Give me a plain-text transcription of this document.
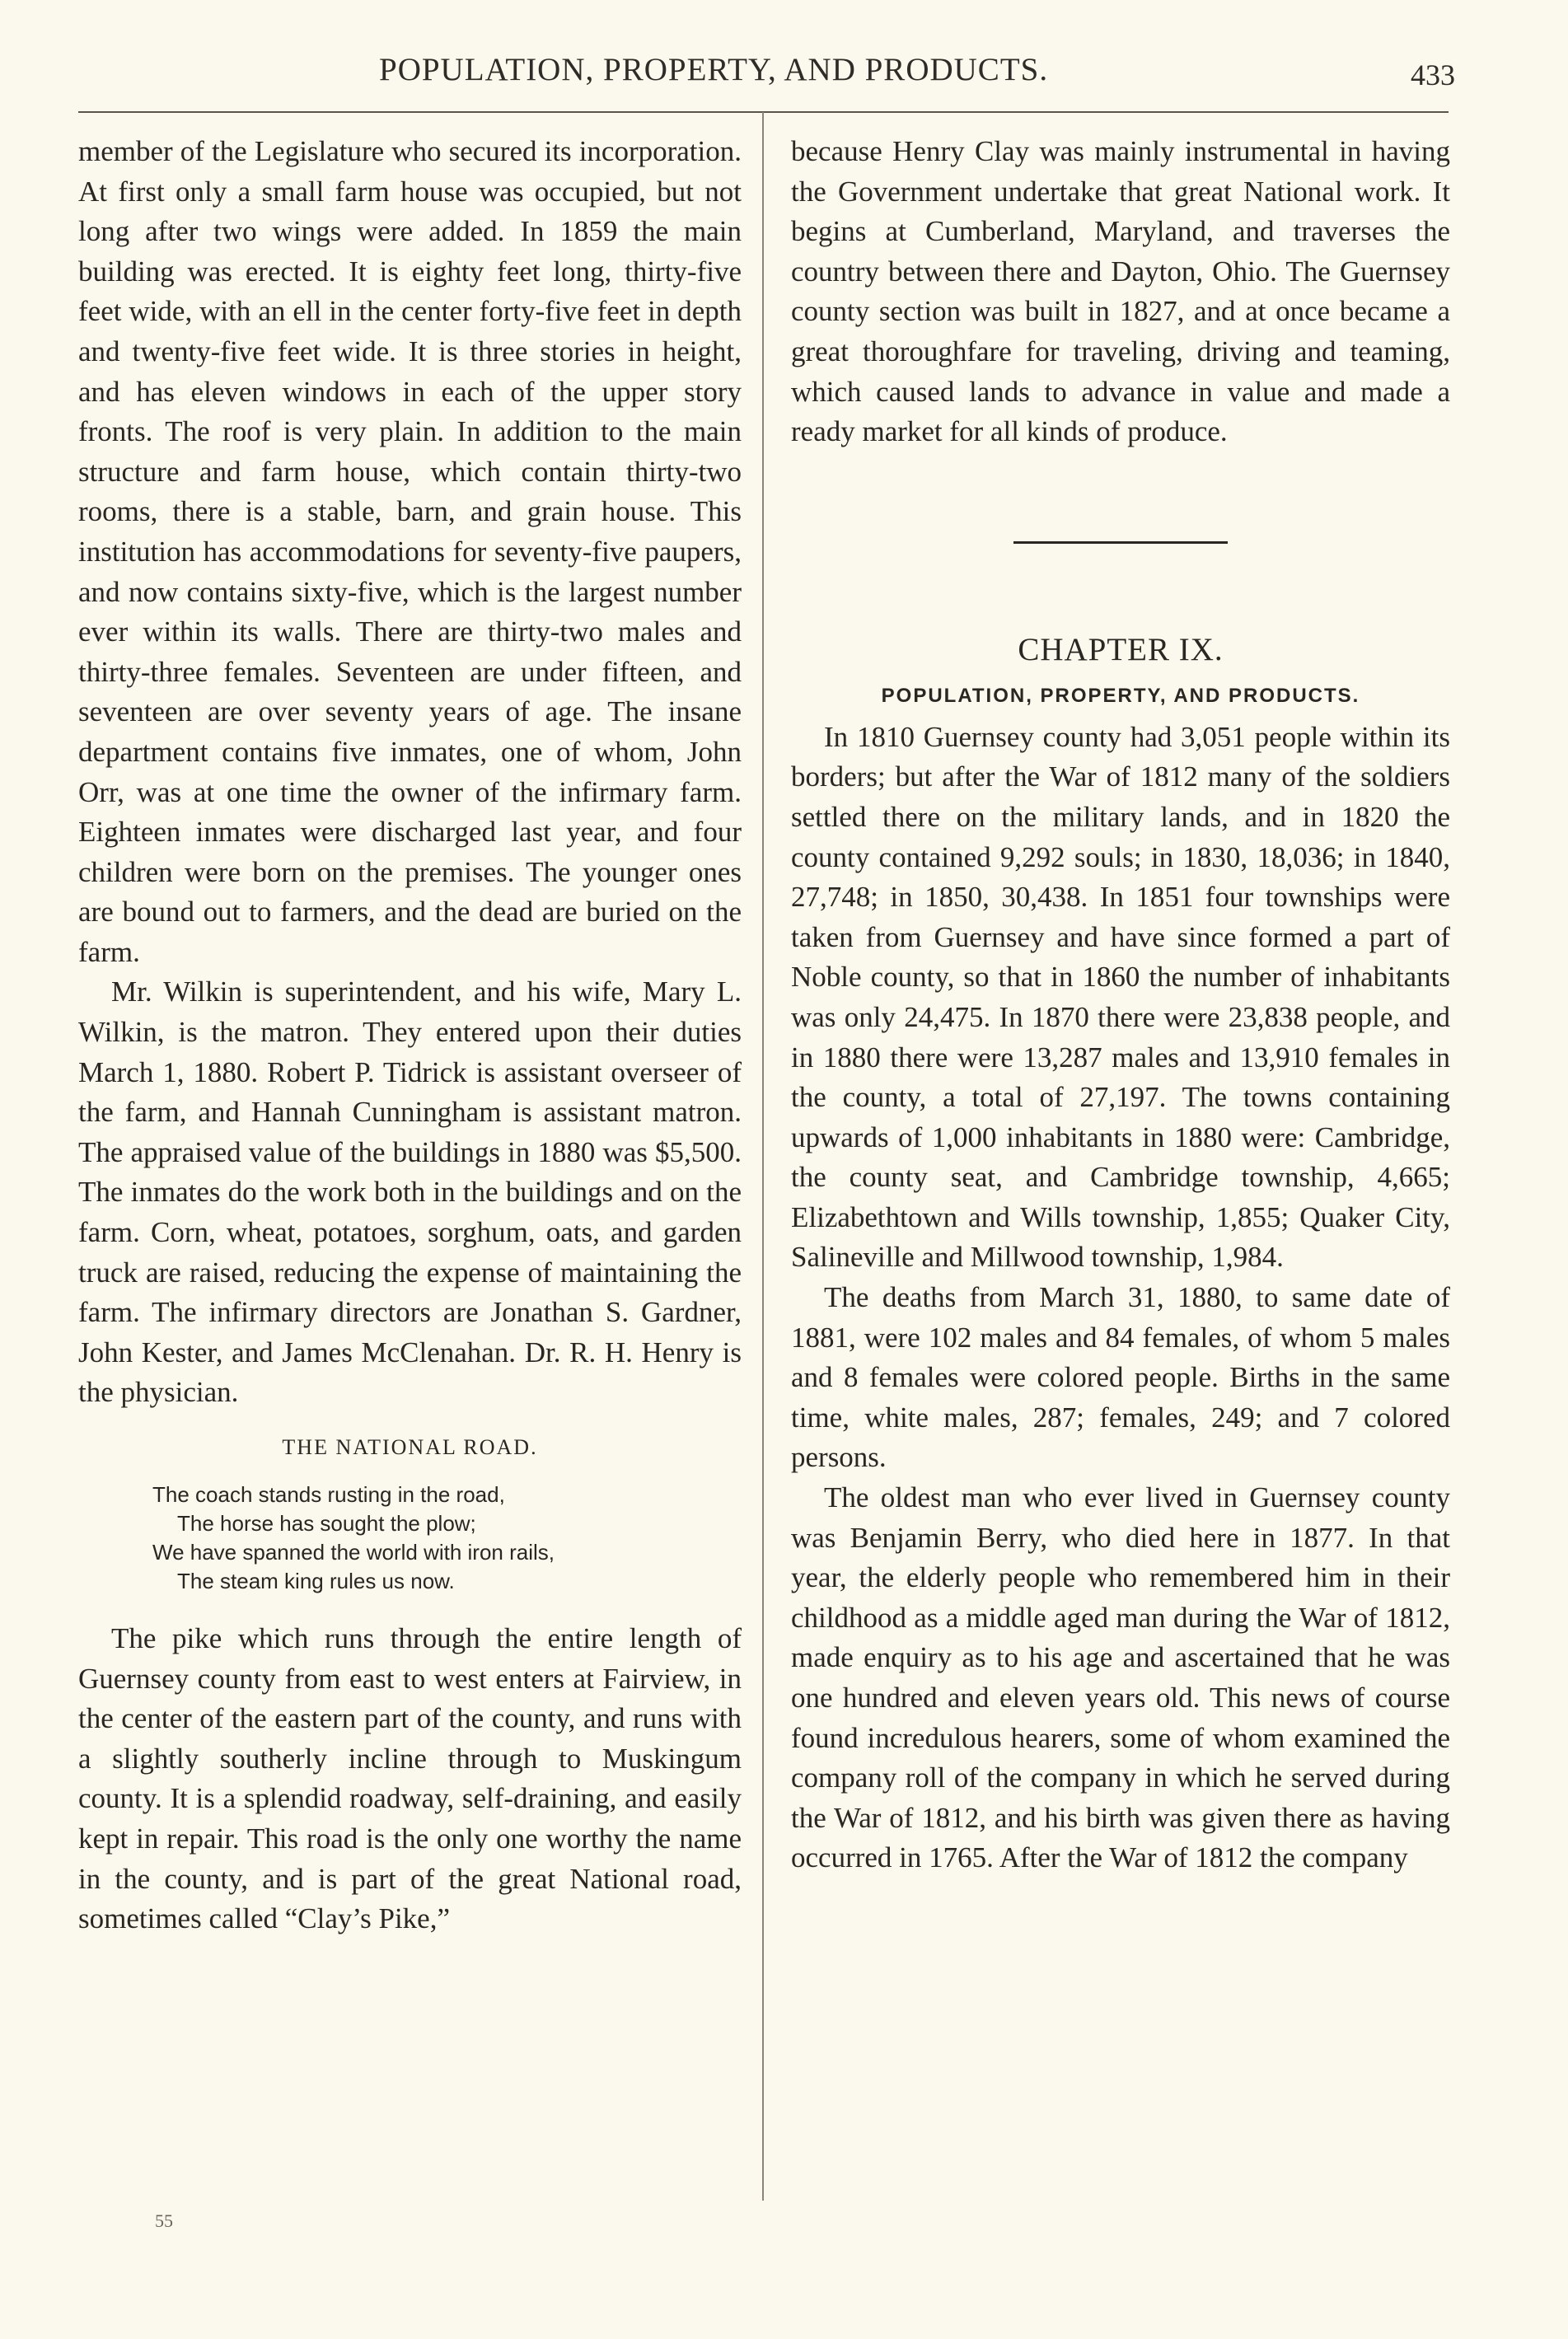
POPULATION, PROPERTY, AND PRODUCTS.	433

member of the Legislature who secured its incorporation. At first only a small farm house was occupied, but not long after two wings were added. In 1859 the main building was erected. It is eighty feet long, thirty-five feet wide, with an ell in the center forty-five feet in depth and twenty-five feet wide. It is three stories in height, and has eleven windows in each of the upper story fronts. The roof is very plain. In addition to the main structure and farm house, which contain thirty-two rooms, there is a stable, barn, and grain house. This institution has accommodations for seventy-five paupers, and now contains sixty-five, which is the largest number ever within its walls. There are thirty-two males and thirty-three females. Seventeen are under fifteen, and seventeen are over seventy years of age. The insane department contains five inmates, one of whom, John Orr, was at one time the owner of the infirmary farm. Eighteen inmates were discharged last year, and four children were born on the premises. The younger ones are bound out to farmers, and the dead are buried on the farm.

Mr. Wilkin is superintendent, and his wife, Mary L. Wilkin, is the matron. They entered upon their duties March 1, 1880. Robert P. Tidrick is assistant overseer of the farm, and Hannah Cunningham is assistant matron. The appraised value of the buildings in 1880 was $5,500. The inmates do the work both in the buildings and on the farm. Corn, wheat, potatoes, sorghum, oats, and garden truck are raised, reducing the expense of maintaining the farm. The infirmary directors are Jonathan S. Gardner, John Kester, and James McClenahan. Dr. R. H. Henry is the physician.

THE NATIONAL ROAD.
The coach stands rusting in the road,
The horse has sought the plow;
We have spanned the world with iron rails,
The steam king rules us now.

The pike which runs through the entire length of Guernsey county from east to west enters at Fairview, in the center of the eastern part of the county, and runs with a slightly southerly incline through to Muskingum county. It is a splendid roadway, self-draining, and easily kept in repair. This road is the only one worthy the name in the county, and is part of the great National road, sometimes called “Clay’s Pike,”

55

because Henry Clay was mainly instrumental in having the Government undertake that great National work. It begins at Cumberland, Maryland, and traverses the country between there and Dayton, Ohio. The Guernsey county section was built in 1827, and at once became a great thoroughfare for traveling, driving and teaming, which caused lands to advance in value and made a ready market for all kinds of produce.

CHAPTER IX.
POPULATION, PROPERTY, AND PRODUCTS.

In 1810 Guernsey county had 3,051 people within its borders; but after the War of 1812 many of the soldiers settled there on the military lands, and in 1820 the county contained 9,292 souls; in 1830, 18,036; in 1840, 27,748; in 1850, 30,438. In 1851 four townships were taken from Guernsey and have since formed a part of Noble county, so that in 1860 the number of inhabitants was only 24,475. In 1870 there were 23,838 people, and in 1880 there were 13,287 males and 13,910 females in the county, a total of 27,197. The towns containing upwards of 1,000 inhabitants in 1880 were: Cambridge, the county seat, and Cambridge township, 4,665; Elizabethtown and Wills township, 1,855; Quaker City, Salineville and Millwood township, 1,984.

The deaths from March 31, 1880, to same date of 1881, were 102 males and 84 females, of whom 5 males and 8 females were colored people. Births in the same time, white males, 287; females, 249; and 7 colored persons.

The oldest man who ever lived in Guernsey county was Benjamin Berry, who died here in 1877. In that year, the elderly people who remembered him in their childhood as a middle aged man during the War of 1812, made enquiry as to his age and ascertained that he was one hundred and eleven years old. This news of course found incredulous hearers, some of whom examined the company roll of the company in which he served during the War of 1812, and his birth was given there as having occurred in 1765. After the War of 1812 the company
